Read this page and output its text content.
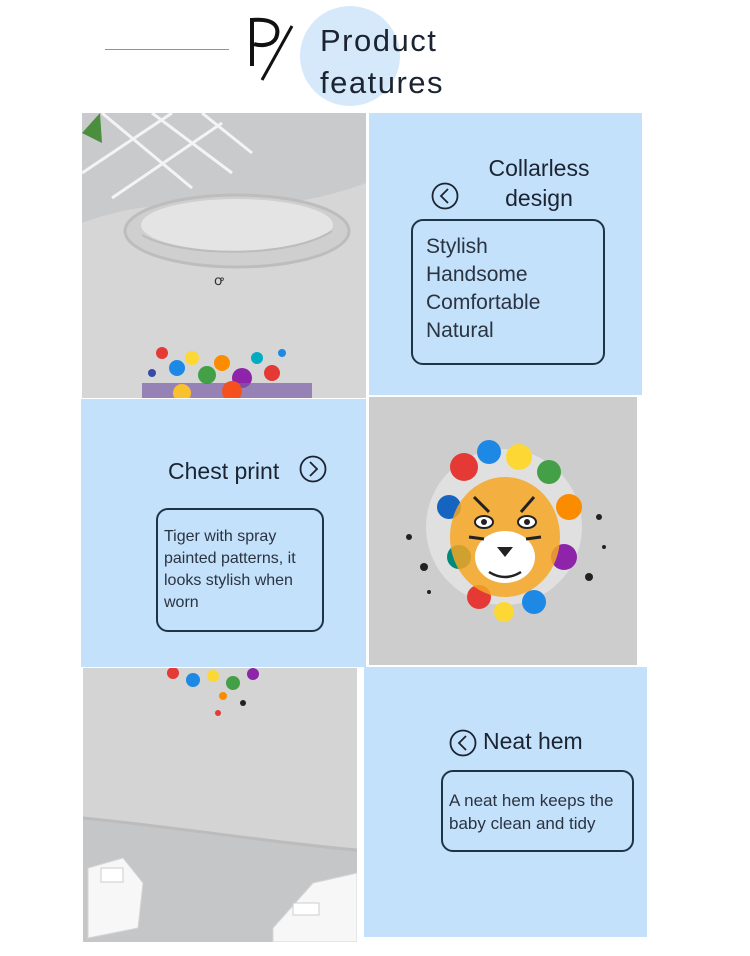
Product
features
ꝍ
Collarless
design
Stylish
Handsome
Comfortable
Natural
Chest print
Tiger with spray
painted patterns, it
looks stylish when
worn
Neat hem
A neat hem keeps the
baby clean and tidy
